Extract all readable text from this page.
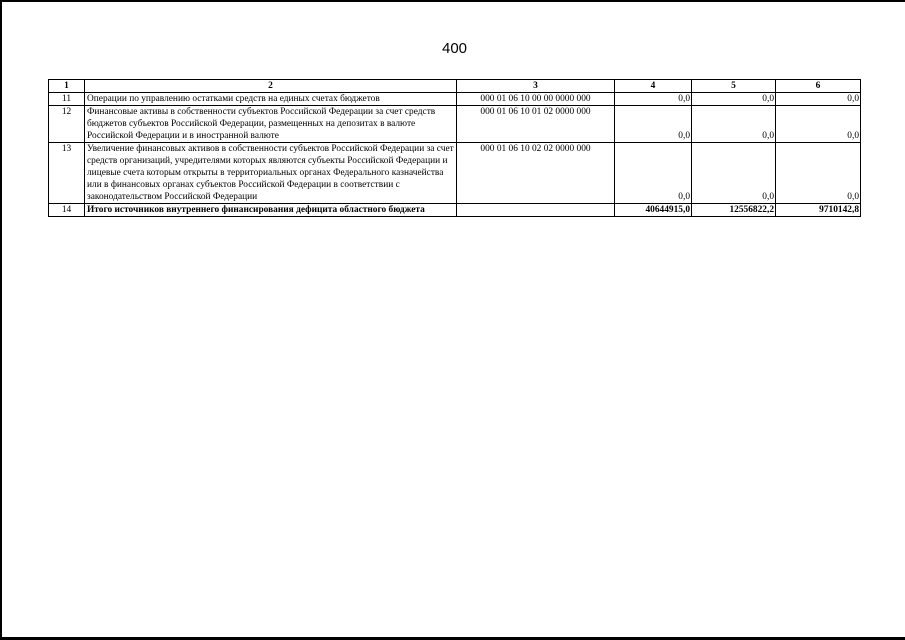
400
1	2	3	4	5	6
11	Операции по управлению остатками средств на единых счетах бюджетов	000 01 06 10 00 00 0000 000	0,0	0,0	0,0
12	Финансовые активы в собственности субъектов Российской Федерации за счет средств бюджетов субъектов Российской Федерации, размещенных на депозитах в валюте Российской Федерации и в иностранной валюте	000 01 06 10 01 02 0000 000	0,0	0,0	0,0
13	Увеличение финансовых активов в собственности субъектов Российской Федерации за счет средств организаций, учредителями которых являются субъекты Российской Федерации и лицевые счета которым открыты в территориальных органах Федерального казначейства или в финансовых органах субъектов Российской Федерации в соответствии с законодательством Российской Федерации	000 01 06 10 02 02 0000 000	0,0	0,0	0,0
14	Итого источников внутреннего финансирования дефицита областного бюджета		40644915,0	12556822,2	9710142,8
